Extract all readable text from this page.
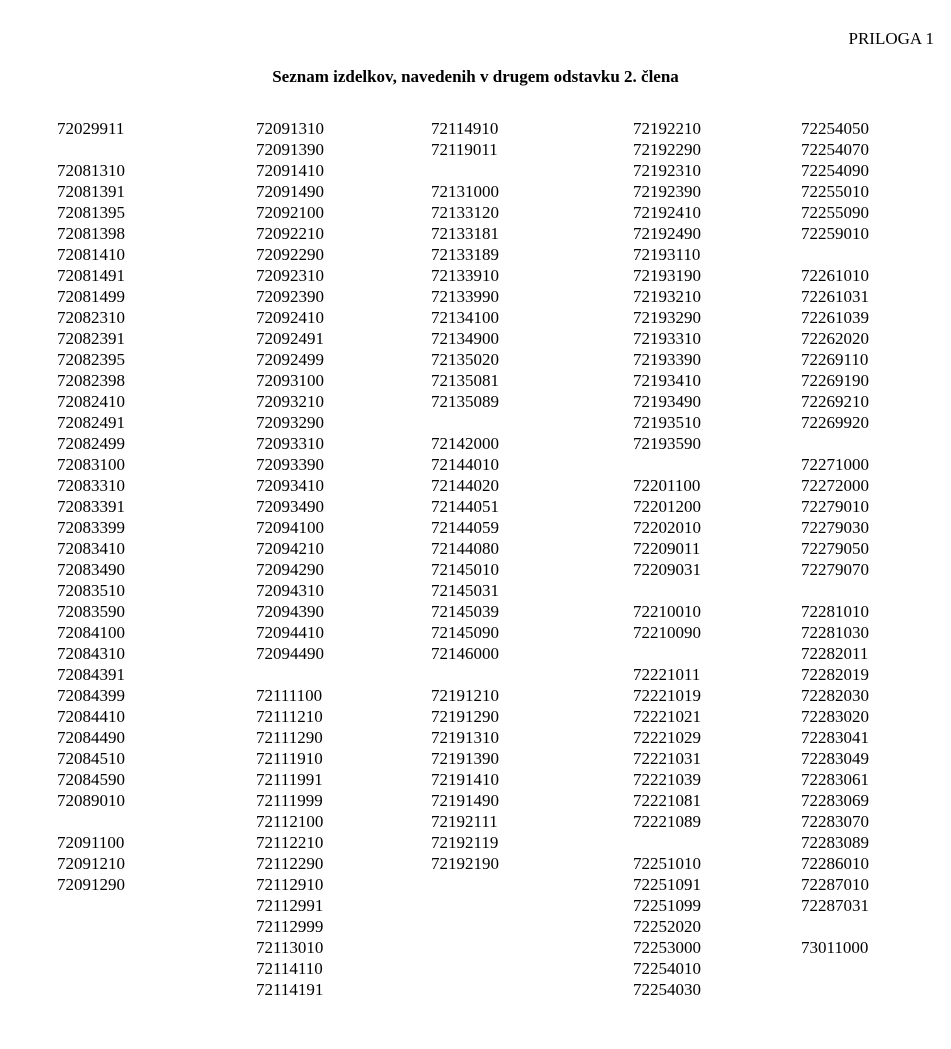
PRILOGA 1
Seznam izdelkov, navedenih v drugem odstavku 2. člena
72029911
72081310
72081391
72081395
72081398
72081410
72081491
72081499
72082310
72082391
72082395
72082398
72082410
72082491
72082499
72083100
72083310
72083391
72083399
72083410
72083490
72083510
72083590
72084100
72084310
72084391
72084399
72084410
72084490
72084510
72084590
72089010
72091100
72091210
72091290
72091310
72091390
72091410
72091490
72092100
72092210
72092290
72092310
72092390
72092410
72092491
72092499
72093100
72093210
72093290
72093310
72093390
72093410
72093490
72094100
72094210
72094290
72094310
72094390
72094410
72094490
72111100
72111210
72111290
72111910
72111991
72111999
72112100
72112210
72112290
72112910
72112991
72112999
72113010
72114110
72114191
72114910
72119011
72131000
72133120
72133181
72133189
72133910
72133990
72134100
72134900
72135020
72135081
72135089
72142000
72144010
72144020
72144051
72144059
72144080
72145010
72145031
72145039
72145090
72146000
72191210
72191290
72191310
72191390
72191410
72191490
72192111
72192119
72192190
72192210
72192290
72192310
72192390
72192410
72192490
72193110
72193190
72193210
72193290
72193310
72193390
72193410
72193490
72193510
72193590
72201100
72201200
72202010
72209011
72209031
72210010
72210090
72221011
72221019
72221021
72221029
72221031
72221039
72221081
72221089
72251010
72251091
72251099
72252020
72253000
72254010
72254030
72254050
72254070
72254090
72255010
72255090
72259010
72261010
72261031
72261039
72262020
72269110
72269190
72269210
72269920
72271000
72272000
72279010
72279030
72279050
72279070
72281010
72281030
72282011
72282019
72282030
72283020
72283041
72283049
72283061
72283069
72283070
72283089
72286010
72287010
72287031
73011000
